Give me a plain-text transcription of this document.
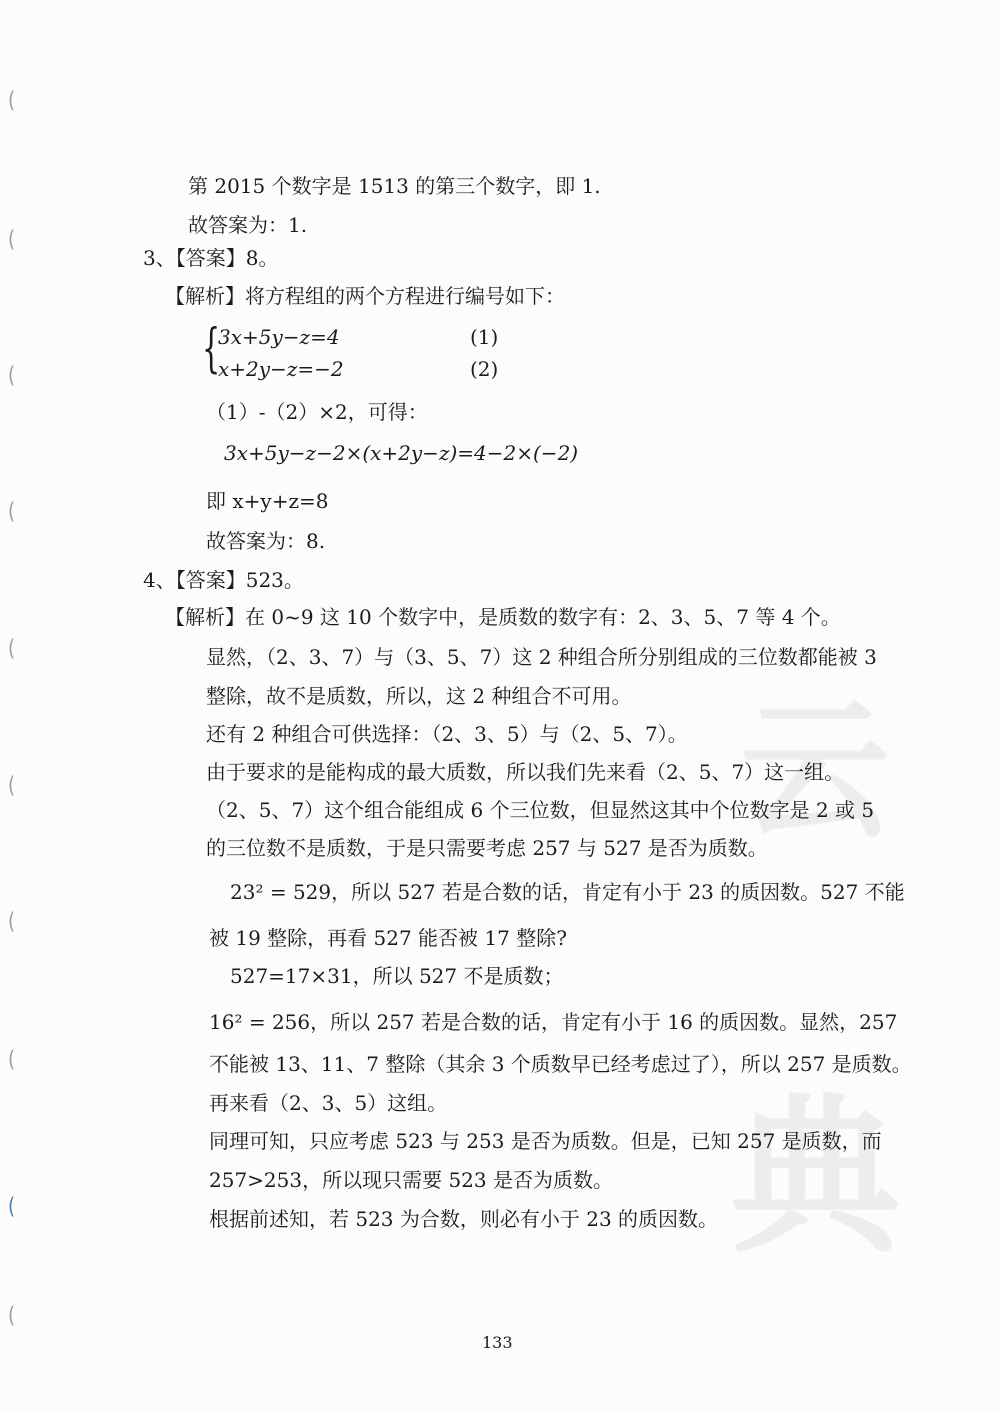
(
(
(
(
(
(
(
(
(
(
云
典
第 2015 个数字是 1513 的第三个数字，即 1.
故答案为：1.
3、【答案】8。
【解析】将方程组的两个方程进行编号如下：
{
3x+5y−z=4
x+2y−z=−2
(1)
(2)
（1）-（2）×2，可得：
3x+5y−z−2×(x+2y−z)=4−2×(−2)
即 x+y+z=8
故答案为：8.
4、【答案】523。
【解析】在 0~9 这 10 个数字中，是质数的数字有：2、3、5、7 等 4 个。
显然，（2、3、7）与（3、5、7）这 2 种组合所分别组成的三位数都能被 3
整除，故不是质数，所以，这 2 种组合不可用。
还有 2 种组合可供选择：（2、3、5）与（2、5、7）。
由于要求的是能构成的最大质数，所以我们先来看（2、5、7）这一组。
（2、5、7）这个组合能组成 6 个三位数，但显然这其中个位数字是 2 或 5
的三位数不是质数，于是只需要考虑 257 与 527 是否为质数。
23² = 529，所以 527 若是合数的话，肯定有小于 23 的质因数。527 不能
被 19 整除，再看 527 能否被 17 整除?
527=17×31，所以 527 不是质数；
16² = 256，所以 257 若是合数的话，肯定有小于 16 的质因数。显然，257
不能被 13、11、7 整除（其余 3 个质数早已经考虑过了），所以 257 是质数。
再来看（2、3、5）这组。
同理可知，只应考虑 523 与 253 是否为质数。但是，已知 257 是质数，而
257>253，所以现只需要 523 是否为质数。
根据前述知，若 523 为合数，则必有小于 23 的质因数。
133
